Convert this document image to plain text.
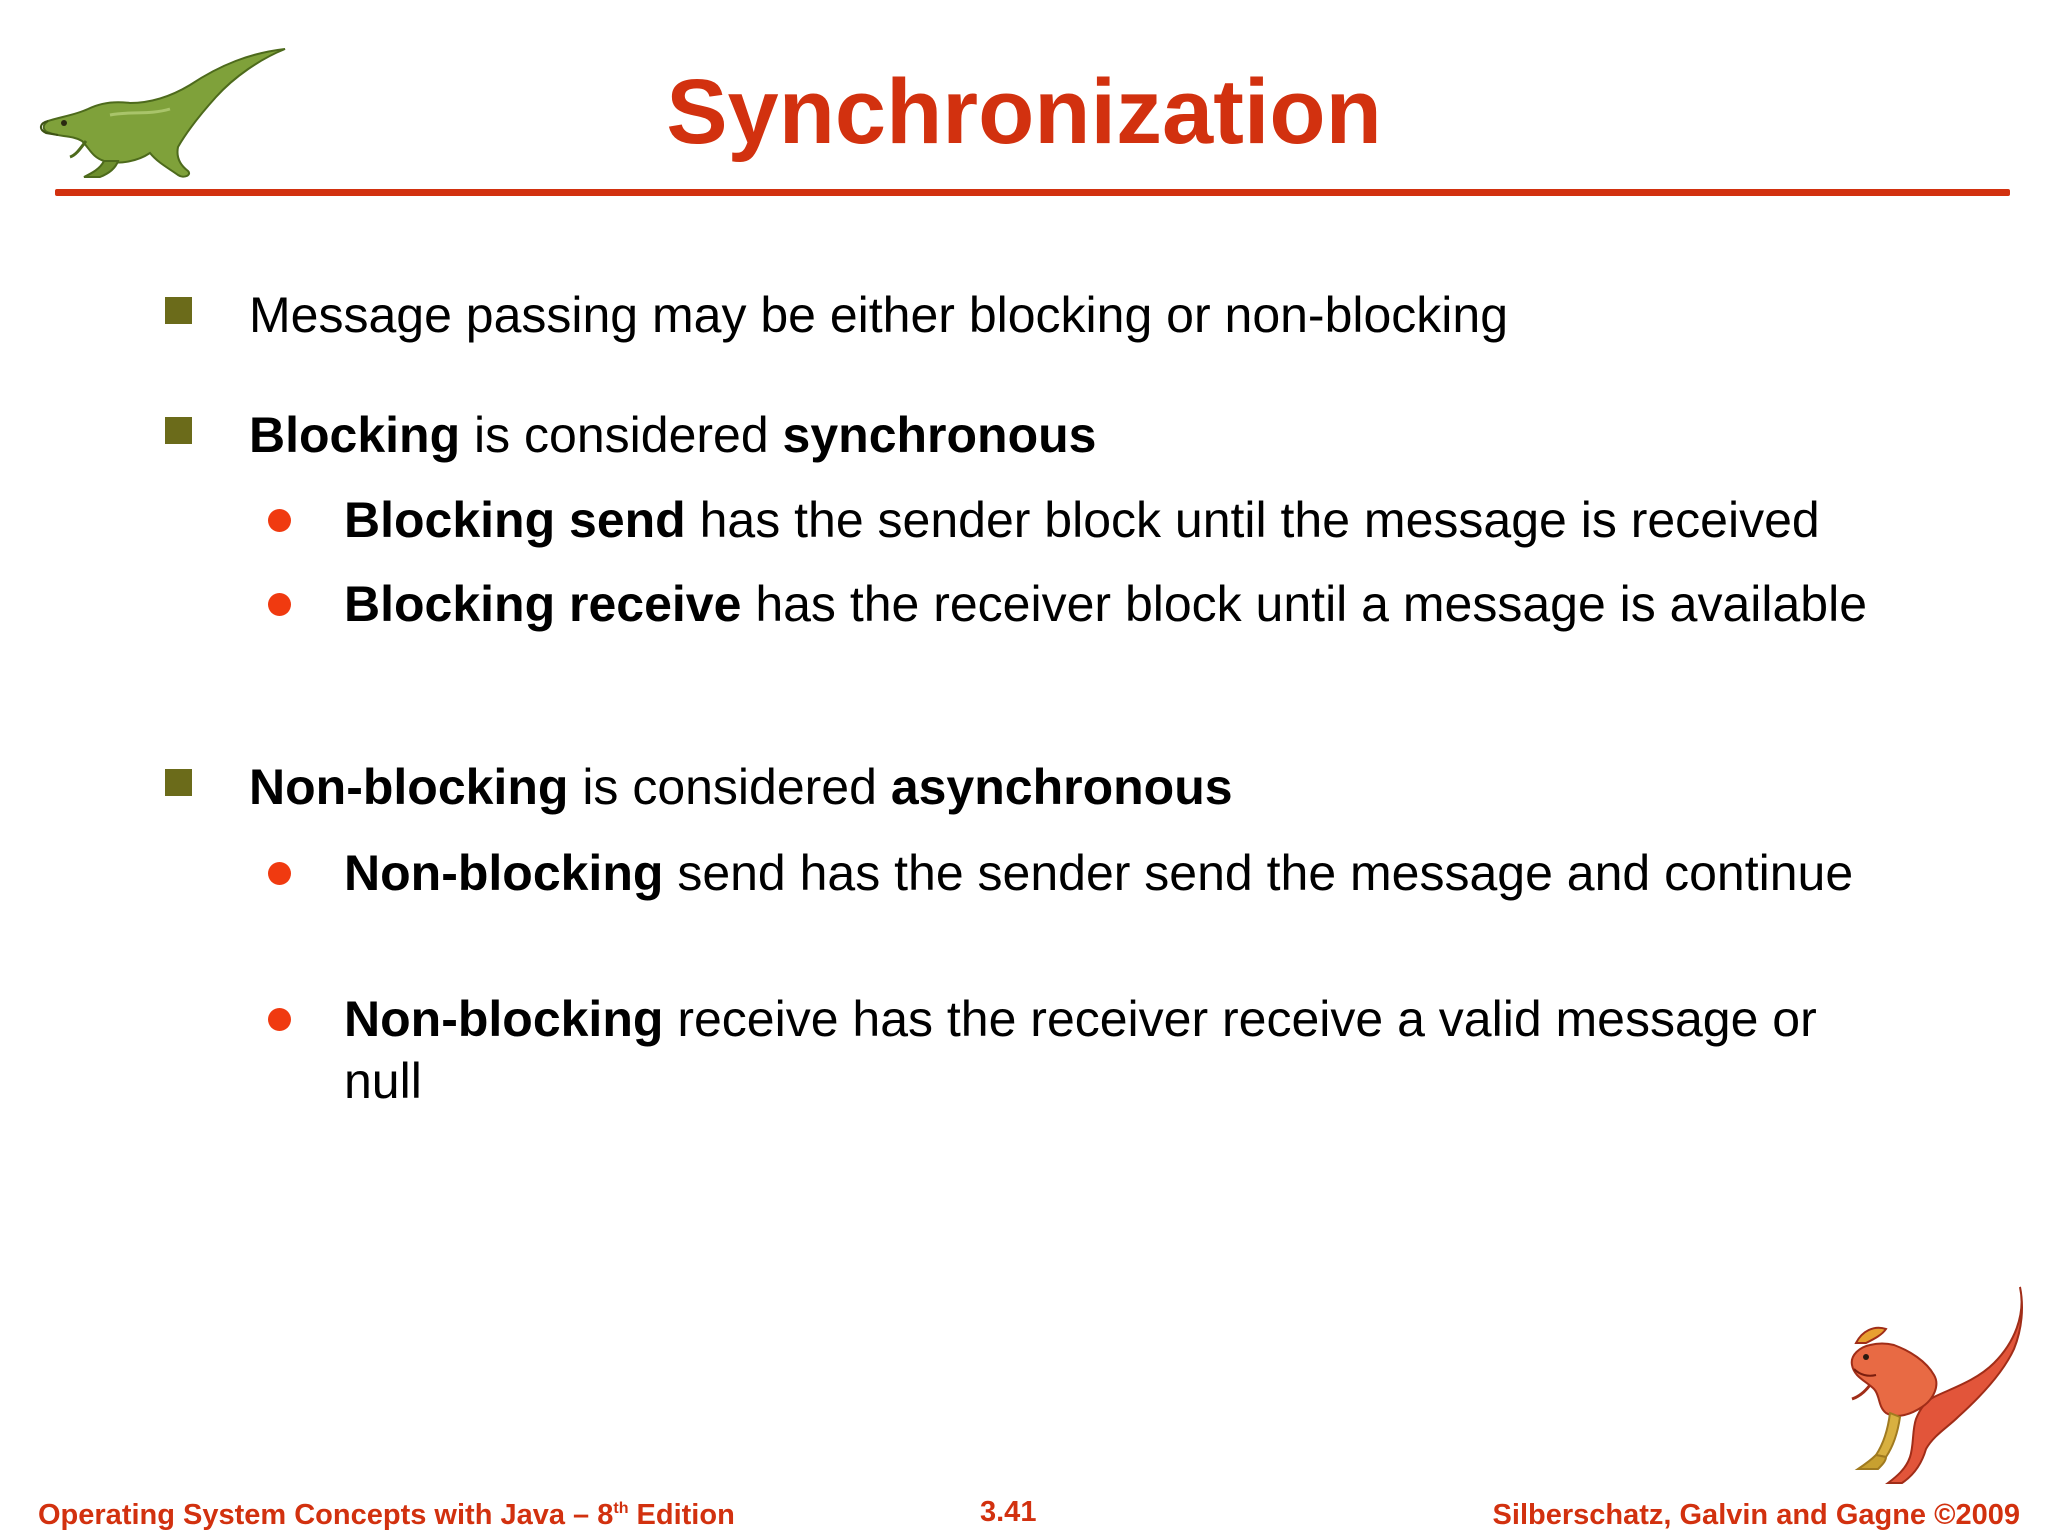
Synchronization
Message passing may be either blocking or non-blocking
Blocking is considered synchronous
Blocking send has the sender block until the message is received
Blocking receive has the receiver block until a message is available
Non-blocking is considered asynchronous
Non-blocking send has the sender send the message and continue
Non-blocking receive has the receiver receive a valid message or null
Operating System Concepts with Java – 8th Edition	3.41	Silberschatz, Galvin and Gagne ©2009
